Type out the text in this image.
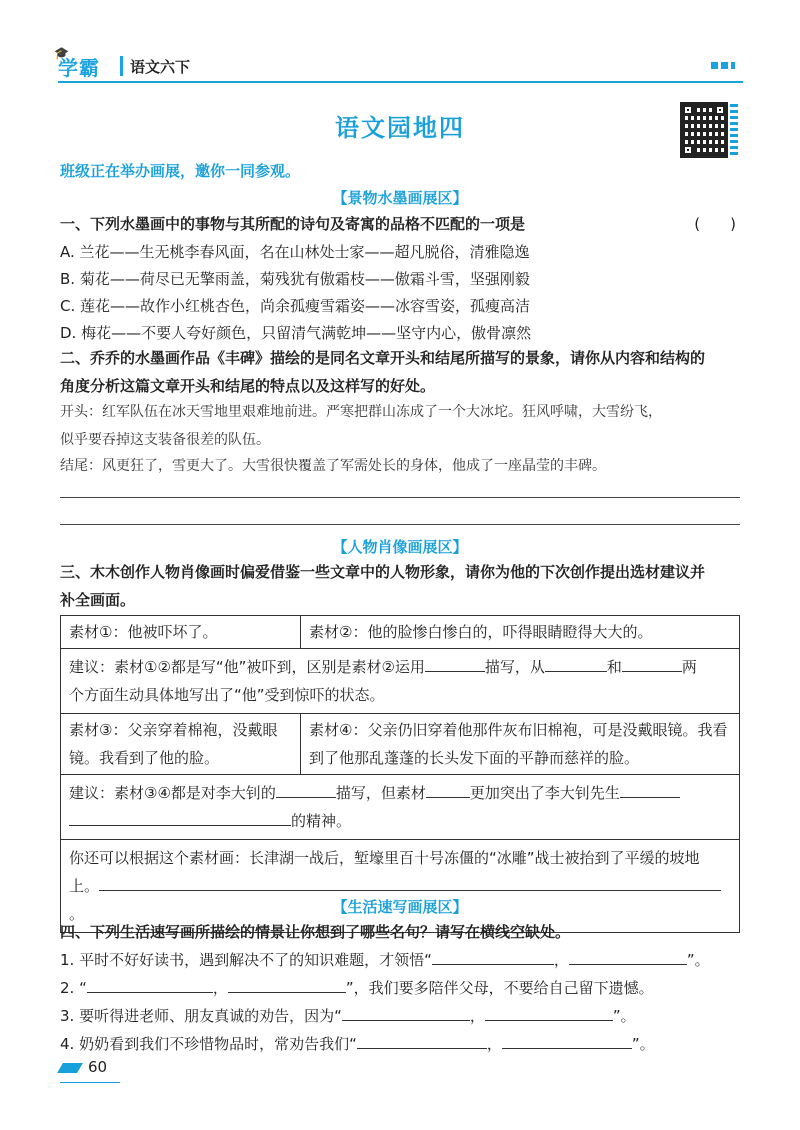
🎓
学霸 语文六下
语文园地四
班级正在举办画展，邀你一同参观。
【景物水墨画展区】
一、下列水墨画中的事物与其所配的诗句及寄寓的品格不匹配的一项是	(　　)
A. 兰花——生无桃李春风面，名在山林处士家——超凡脱俗，清雅隐逸
B. 菊花——荷尽已无擎雨盖，菊残犹有傲霜枝——傲霜斗雪，坚强刚毅
C. 莲花——故作小红桃杏色，尚余孤瘦雪霜姿——冰容雪姿，孤瘦高洁
D. 梅花——不要人夸好颜色，只留清气满乾坤——坚守内心，傲骨凛然
二、乔乔的水墨画作品《丰碑》描绘的是同名文章开头和结尾所描写的景象，请你从内容和结构的
角度分析这篇文章开头和结尾的特点以及这样写的好处。
开头：红军队伍在冰天雪地里艰难地前进。严寒把群山冻成了一个大冰坨。狂风呼啸，大雪纷飞，
似乎要吞掉这支装备很差的队伍。
结尾：风更狂了，雪更大了。大雪很快覆盖了军需处长的身体，他成了一座晶莹的丰碑。
【人物肖像画展区】
三、木木创作人物肖像画时偏爱借鉴一些文章中的人物形象，请你为他的下次创作提出选材建议并
补全画面。
素材①：他被吓坏了。	素材②：他的脸惨白惨白的，吓得眼睛瞪得大大的。
建议：素材①②都是写“他”被吓到，区别是素材②运用	描写，从	和	两
个方面生动具体地写出了“他”受到惊吓的状态。
素材③：父亲穿着棉袍，没戴眼镜。我看到了他的脸。
素材④：父亲仍旧穿着他那件灰布旧棉袍，可是没戴眼镜。我看到了他那乱蓬蓬的长头发下面的平静而慈祥的脸。
建议：素材③④都是对李大钊的	描写，但素材	更加突出了李大钊先生
的精神。
你还可以根据这个素材画：长津湖一战后，堑壕里百十号冻僵的“冰雕”战士被抬到了平缓的坡地
上。。	【生活速写画展区】
四、下列生活速写画所描绘的情景让你想到了哪些名句？请写在横线空缺处。
1. 平时不好好读书，遇到解决不了的知识难题，才领悟“	，	”。
2. “	，	”，我们要多陪伴父母，不要给自己留下遗憾。
3. 要听得进老师、朋友真诚的劝告，因为“	，	”。
4. 奶奶看到我们不珍惜物品时，常劝告我们“	，	”。
60
